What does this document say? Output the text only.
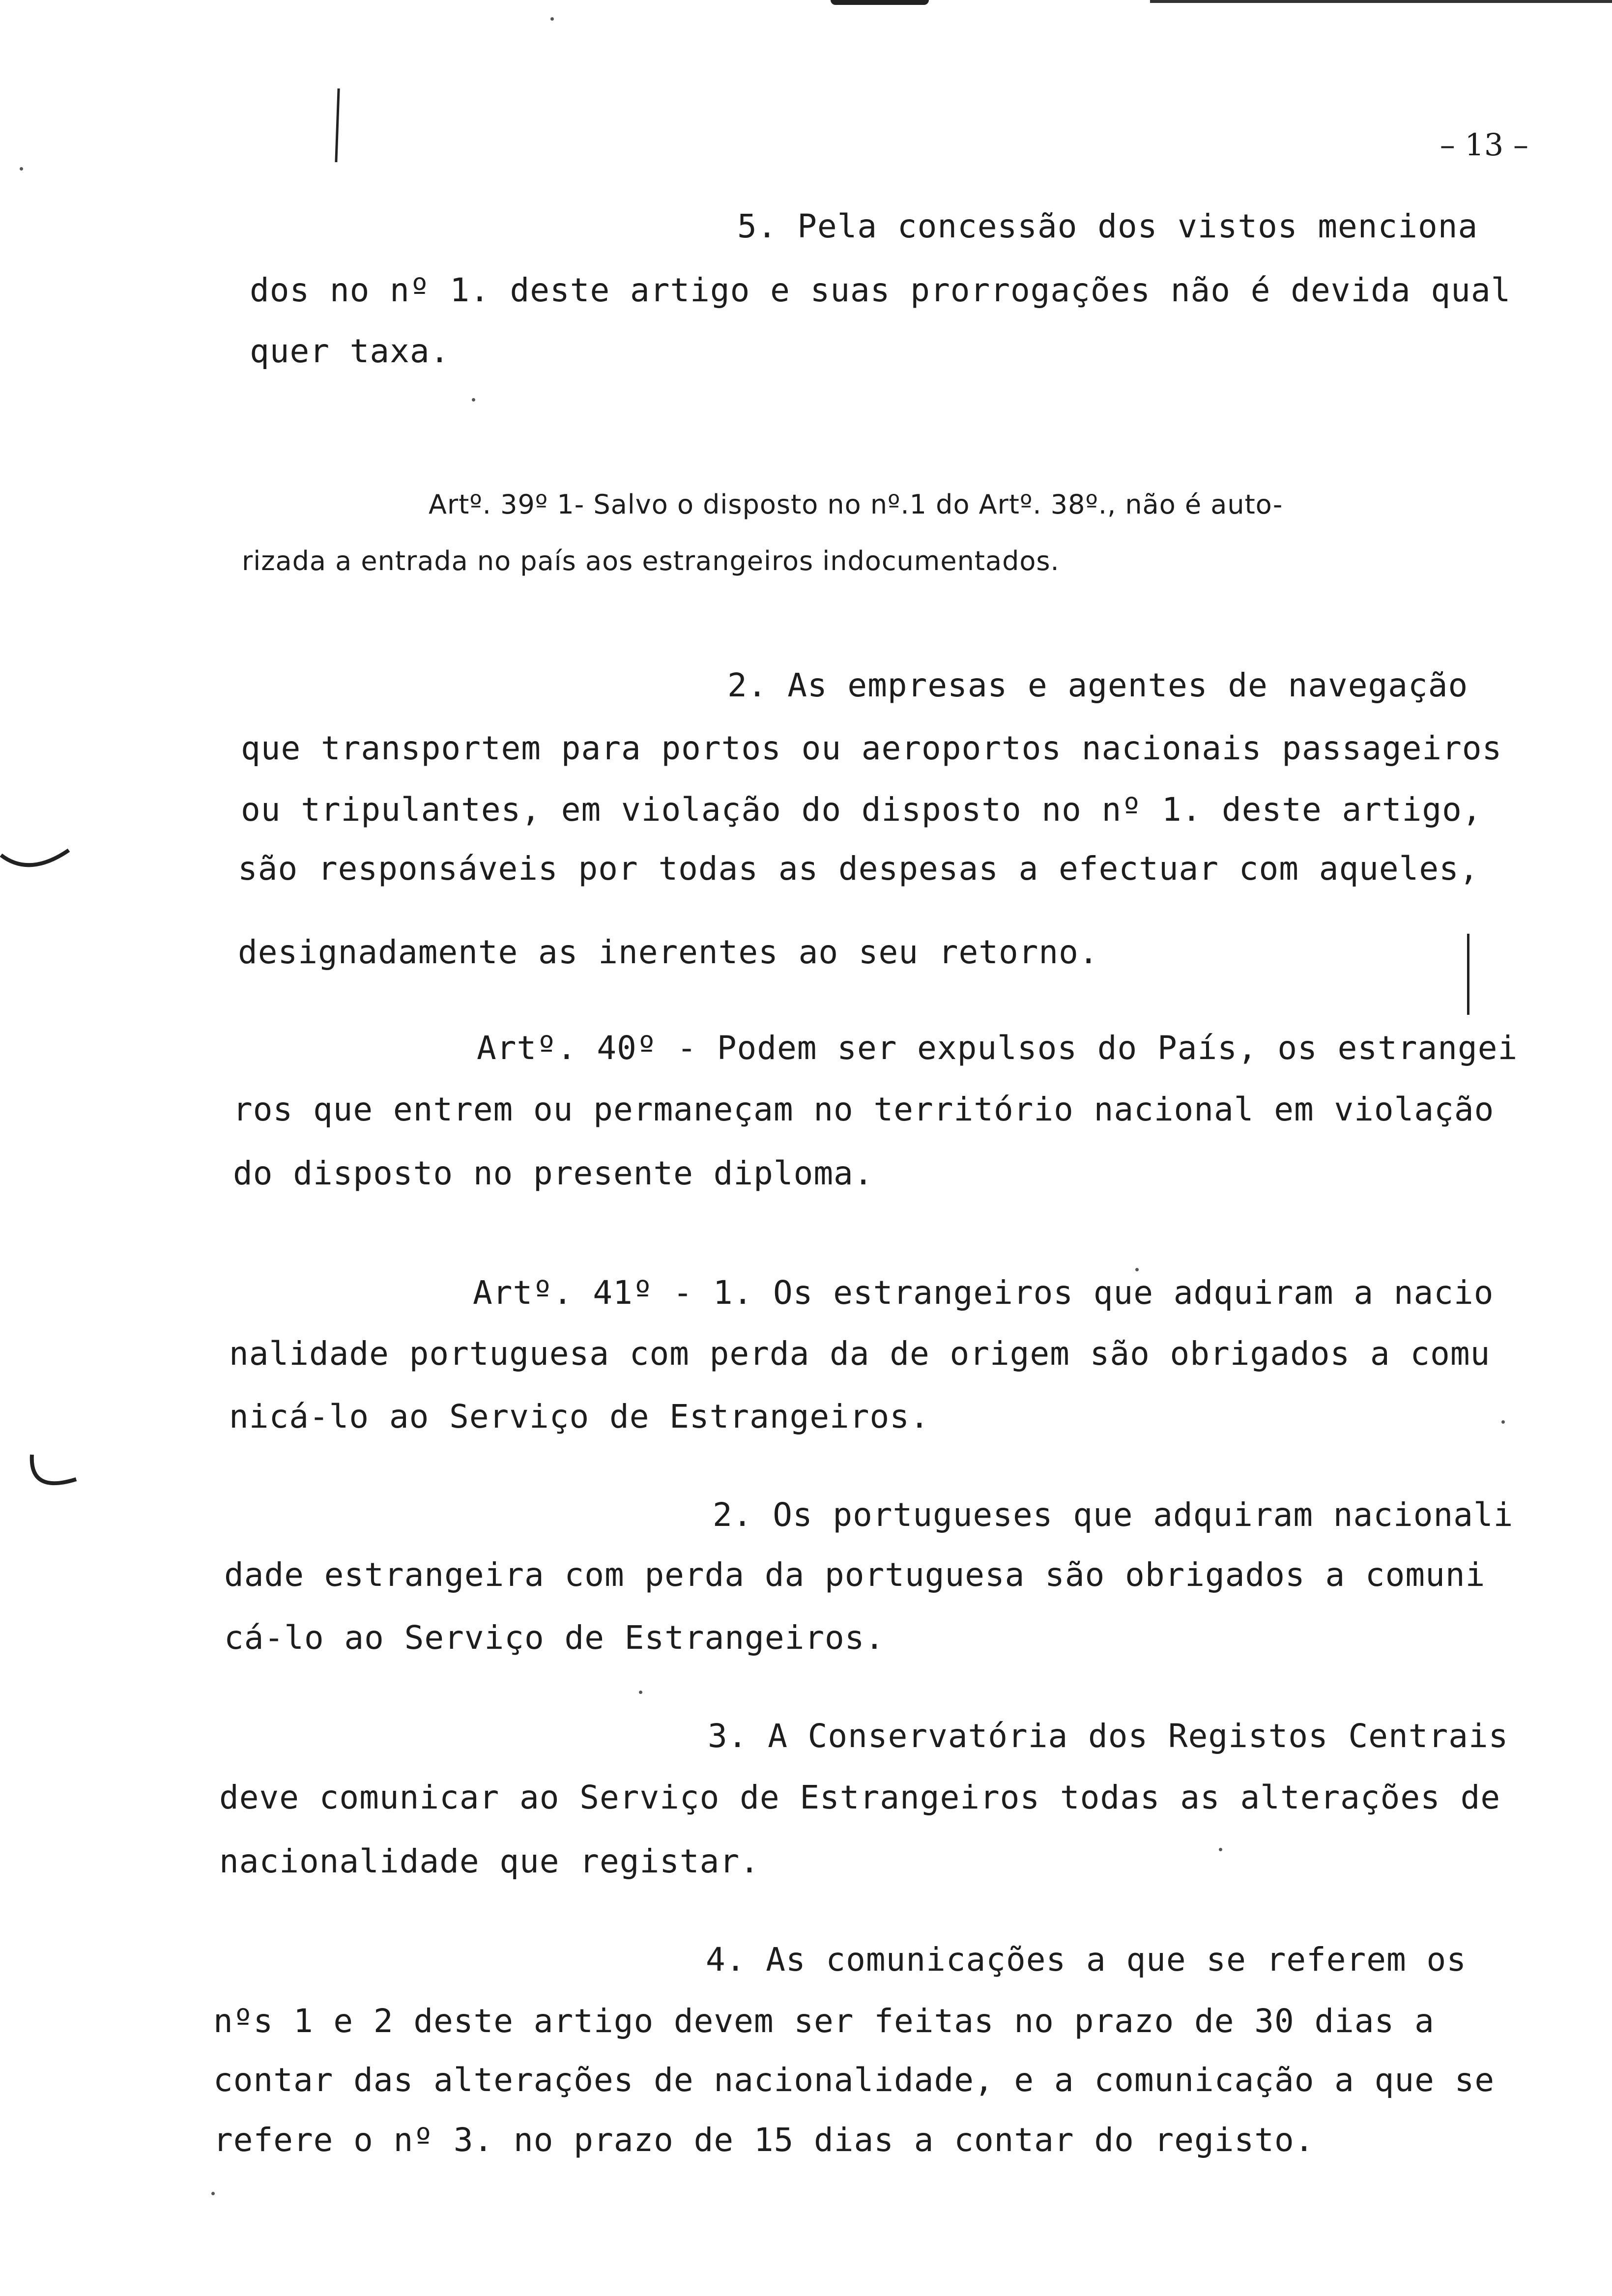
– 13 –
5. Pela concessão dos vistos menciona
dos no nº 1. deste artigo e suas prorrogações não é devida qual
quer taxa.
Artº. 39º 1- Salvo o disposto no nº.1 do Artº. 38º., não é auto-
rizada a entrada no país aos estrangeiros indocumentados.
2. As empresas e agentes de navegação
que transportem para portos ou aeroportos nacionais passageiros
ou tripulantes, em violação do disposto no nº 1. deste artigo,
são responsáveis por todas as despesas a efectuar com aqueles,
designadamente as inerentes ao seu retorno.
Artº. 40º - Podem ser expulsos do País, os estrangei
ros que entrem ou permaneçam no território nacional em violação
do disposto no presente diploma.
Artº. 41º - 1. Os estrangeiros que adquiram a nacio
nalidade portuguesa com perda da de origem são obrigados a comu
nicá-lo ao Serviço de Estrangeiros.
2. Os portugueses que adquiram nacionali
dade estrangeira com perda da portuguesa são obrigados a comuni
cá-lo ao Serviço de Estrangeiros.
3. A Conservatória dos Registos Centrais
deve comunicar ao Serviço de Estrangeiros todas as alterações de
nacionalidade que registar.
4. As comunicações a que se referem os
nºs 1 e 2 deste artigo devem ser feitas no prazo de 30 dias a
contar das alterações de nacionalidade, e a comunicação a que se
refere o nº 3. no prazo de 15 dias a contar do registo.
